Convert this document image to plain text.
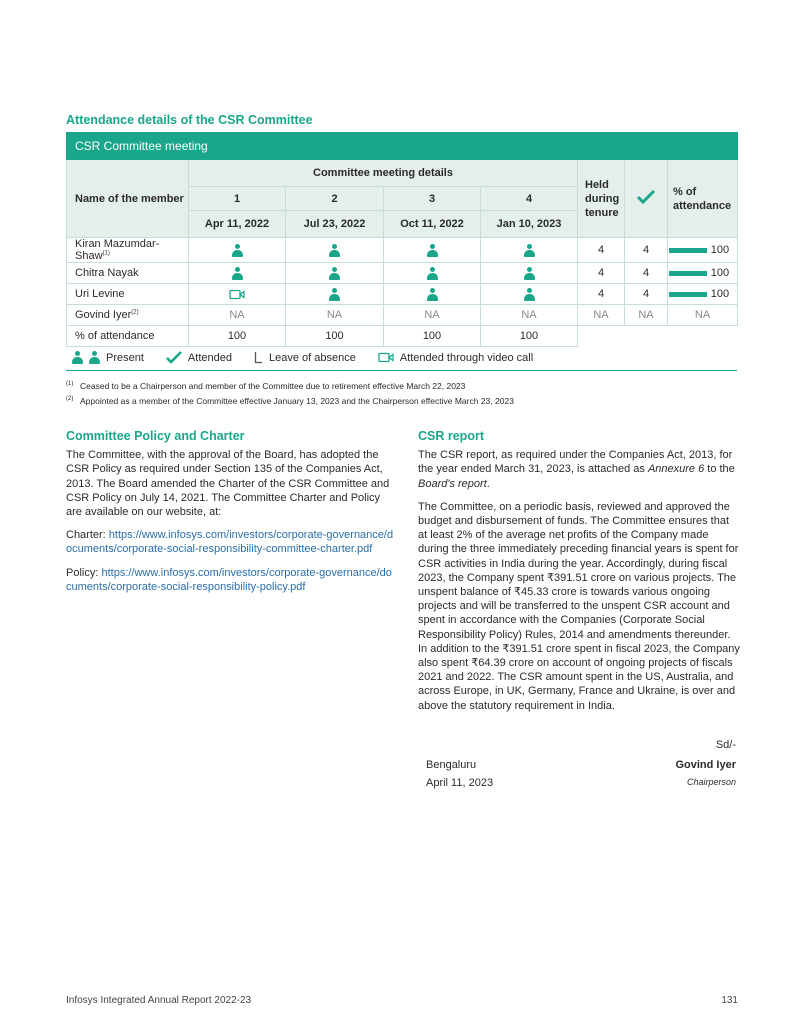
Attendance details of the CSR Committee
CSR Committee meeting							
Name of the member	Committee meeting details				Held during tenure		% of attendance
	1	2	3	4			
	Apr 11, 2022	Jul 23, 2022	Oct 11, 2022	Jan 10, 2023			
Kiran Mazumdar-Shaw$^{(1)}$					4	4	100

Chitra Nayak					4	4	100

Uri Levine					4	4	100

Govind Iyer$^{(2)}$	NA	NA	NA	NA	NA	NA	NA
% of attendance	100	100	100	100			
Present	Attended	Leave of absence	Attended through video call
(1) Ceased to be a Chairperson and member of the Committee due to retirement effective March 22, 2023
(2) Appointed as a member of the Committee effective January 13, 2023 and the Chairperson effective March 23, 2023
Committee Policy and Charter

The Committee, with the approval of the Board, has adopted the CSR Policy as required under Section 135 of the Companies Act, 2013. The Board amended the Charter of the CSR Committee and CSR Policy on July 14, 2021. The Committee Charter and Policy are available on our website, at:

Charter: https://www.infosys.com/investors/corporate-governance/documents/corporate-social-responsibility-committee-charter.pdf

Policy: https://www.infosys.com/investors/corporate-governance/documents/corporate-social-responsibility-policy.pdf

CSR report

The CSR report, as required under the Companies Act, 2013, for the year ended March 31, 2023, is attached as Annexure 6 to the Board's report.

The Committee, on a periodic basis, reviewed and approved the budget and disbursement of funds. The Committee ensures that at least 2% of the average net profits of the Company made during the three immediately preceding financial years is spent for CSR activities in India during the year. Accordingly, during fiscal 2023, the Company spent ₹391.51 crore on various projects. The unspent balance of ₹45.33 crore is towards various ongoing projects and will be transferred to the unspent CSR account and spent in accordance with the Companies (Corporate Social Responsibility Policy) Rules, 2014 and amendments thereunder. In addition to the ₹391.51 crore spent in fiscal 2023, the Company also spent ₹64.39 crore on account of ongoing projects of fiscals 2021 and 2022. The CSR amount spent in the US, Australia, and across Europe, in UK, Germany, France and Ukraine, is over and above the statutory requirement in India.

Sd/-
Bengaluru	Govind Iyer
April 11, 2023	Chairperson
Infosys Integrated Annual Report 2022-23	131
